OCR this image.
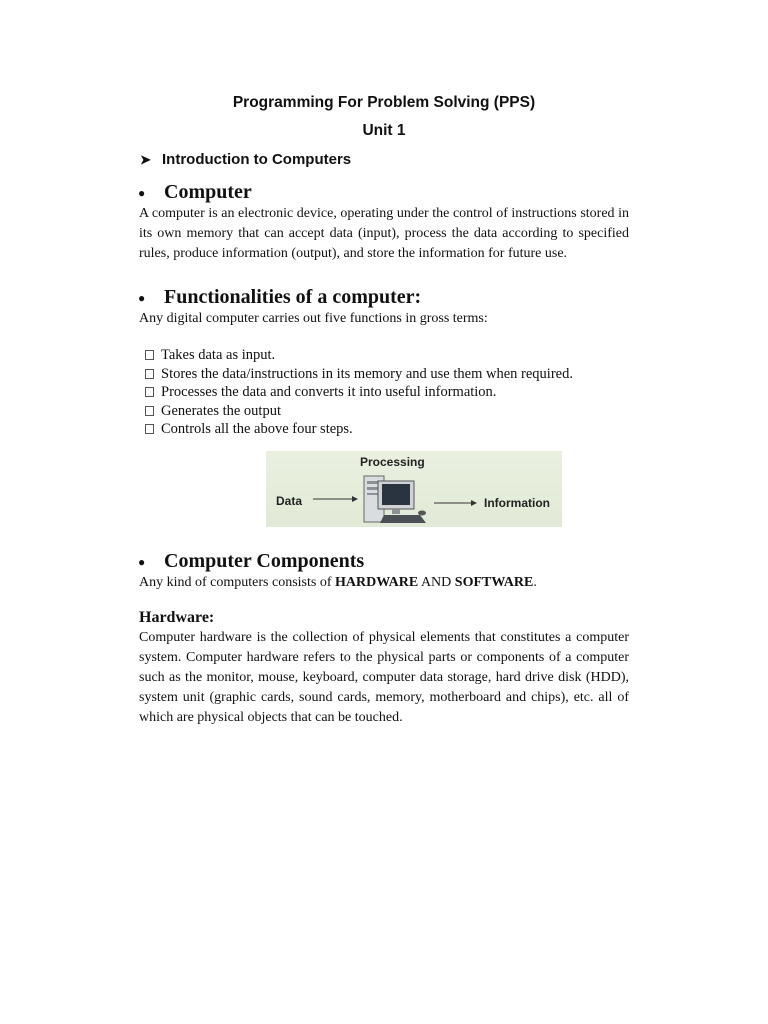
Programming For Problem Solving (PPS)
Unit 1
➤ Introduction to Computers
● Computer
A computer is an electronic device, operating under the control of instructions stored in its own memory that can accept data (input), process the data according to specified rules, produce information (output), and store the information for future use.
● Functionalities of a computer:
Any digital computer carries out five functions in gross terms:
Takes data as input.
Stores the data/instructions in its memory and use them when required.
Processes the data and converts it into useful information.
Generates the output
Controls all the above four steps.
Processing
Data	Information
● Computer Components
Any kind of computers consists of HARDWARE AND SOFTWARE.
Hardware:
Computer hardware is the collection of physical elements that constitutes a computer system. Computer hardware refers to the physical parts or components of a computer such as the monitor, mouse, keyboard, computer data storage, hard drive disk (HDD), system unit (graphic cards, sound cards, memory, motherboard and chips), etc. all of which are physical objects that can be touched.
